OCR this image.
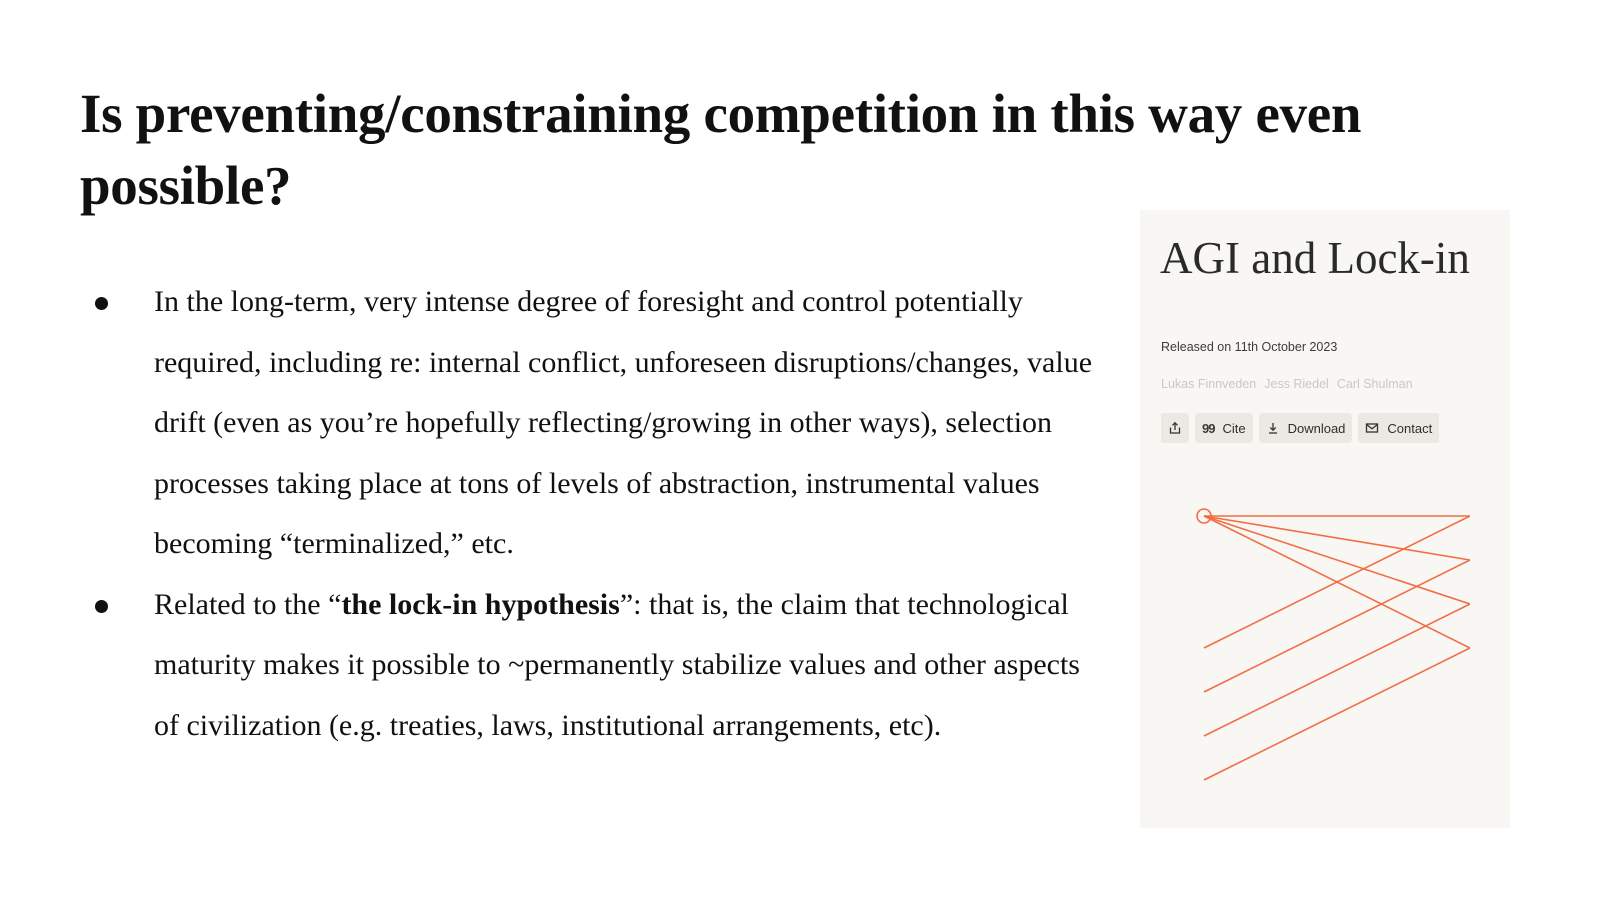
Is preventing/constraining competition in this way even possible?
In the long-term, very intense degree of foresight and control potentially required, including re: internal conflict, unforeseen disruptions/changes, value drift (even as you’re hopefully reflecting/growing in other ways), selection processes taking place at tons of levels of abstraction, instrumental values becoming “terminalized,” etc.
Related to the “the lock-in hypothesis”: that is, the claim that technological maturity makes it possible to ~permanently stabilize values and other aspects of civilization (e.g. treaties, laws, institutional arrangements, etc).
AGI and Lock-in
Released on 11th October 2023
Lukas Finnveden Jess Riedel Carl Shulman
99 Cite	Download	Contact
